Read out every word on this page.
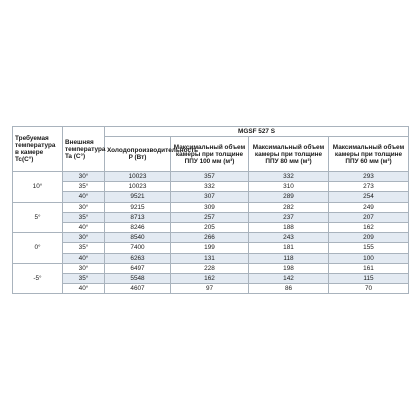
Требуемая температура в камере Tc(C°)	Внешняя температура Ta (C°)	MGSF 527 S			
		Холодопроизводительность P (Вт)	Максимальный объем камеры при толщине ППУ 100 мм (м³)	Максимальный объем камеры при толщине ППУ 80 мм (м³)	Максимальный объем камеры при толщине ППУ 60 мм (м³)
10°	30°	10023	357	332	293
	35°	10023	332	310	273
	40°	9521	307	289	254
5°	30°	9215	309	282	249
	35°	8713	257	237	207
	40°	8246	205	188	162
0°	30°	8540	266	243	209
	35°	7400	199	181	155
	40°	6263	131	118	100
-5°	30°	6497	228	198	161
	35°	5548	162	142	115
	40°	4607	97	86	70
